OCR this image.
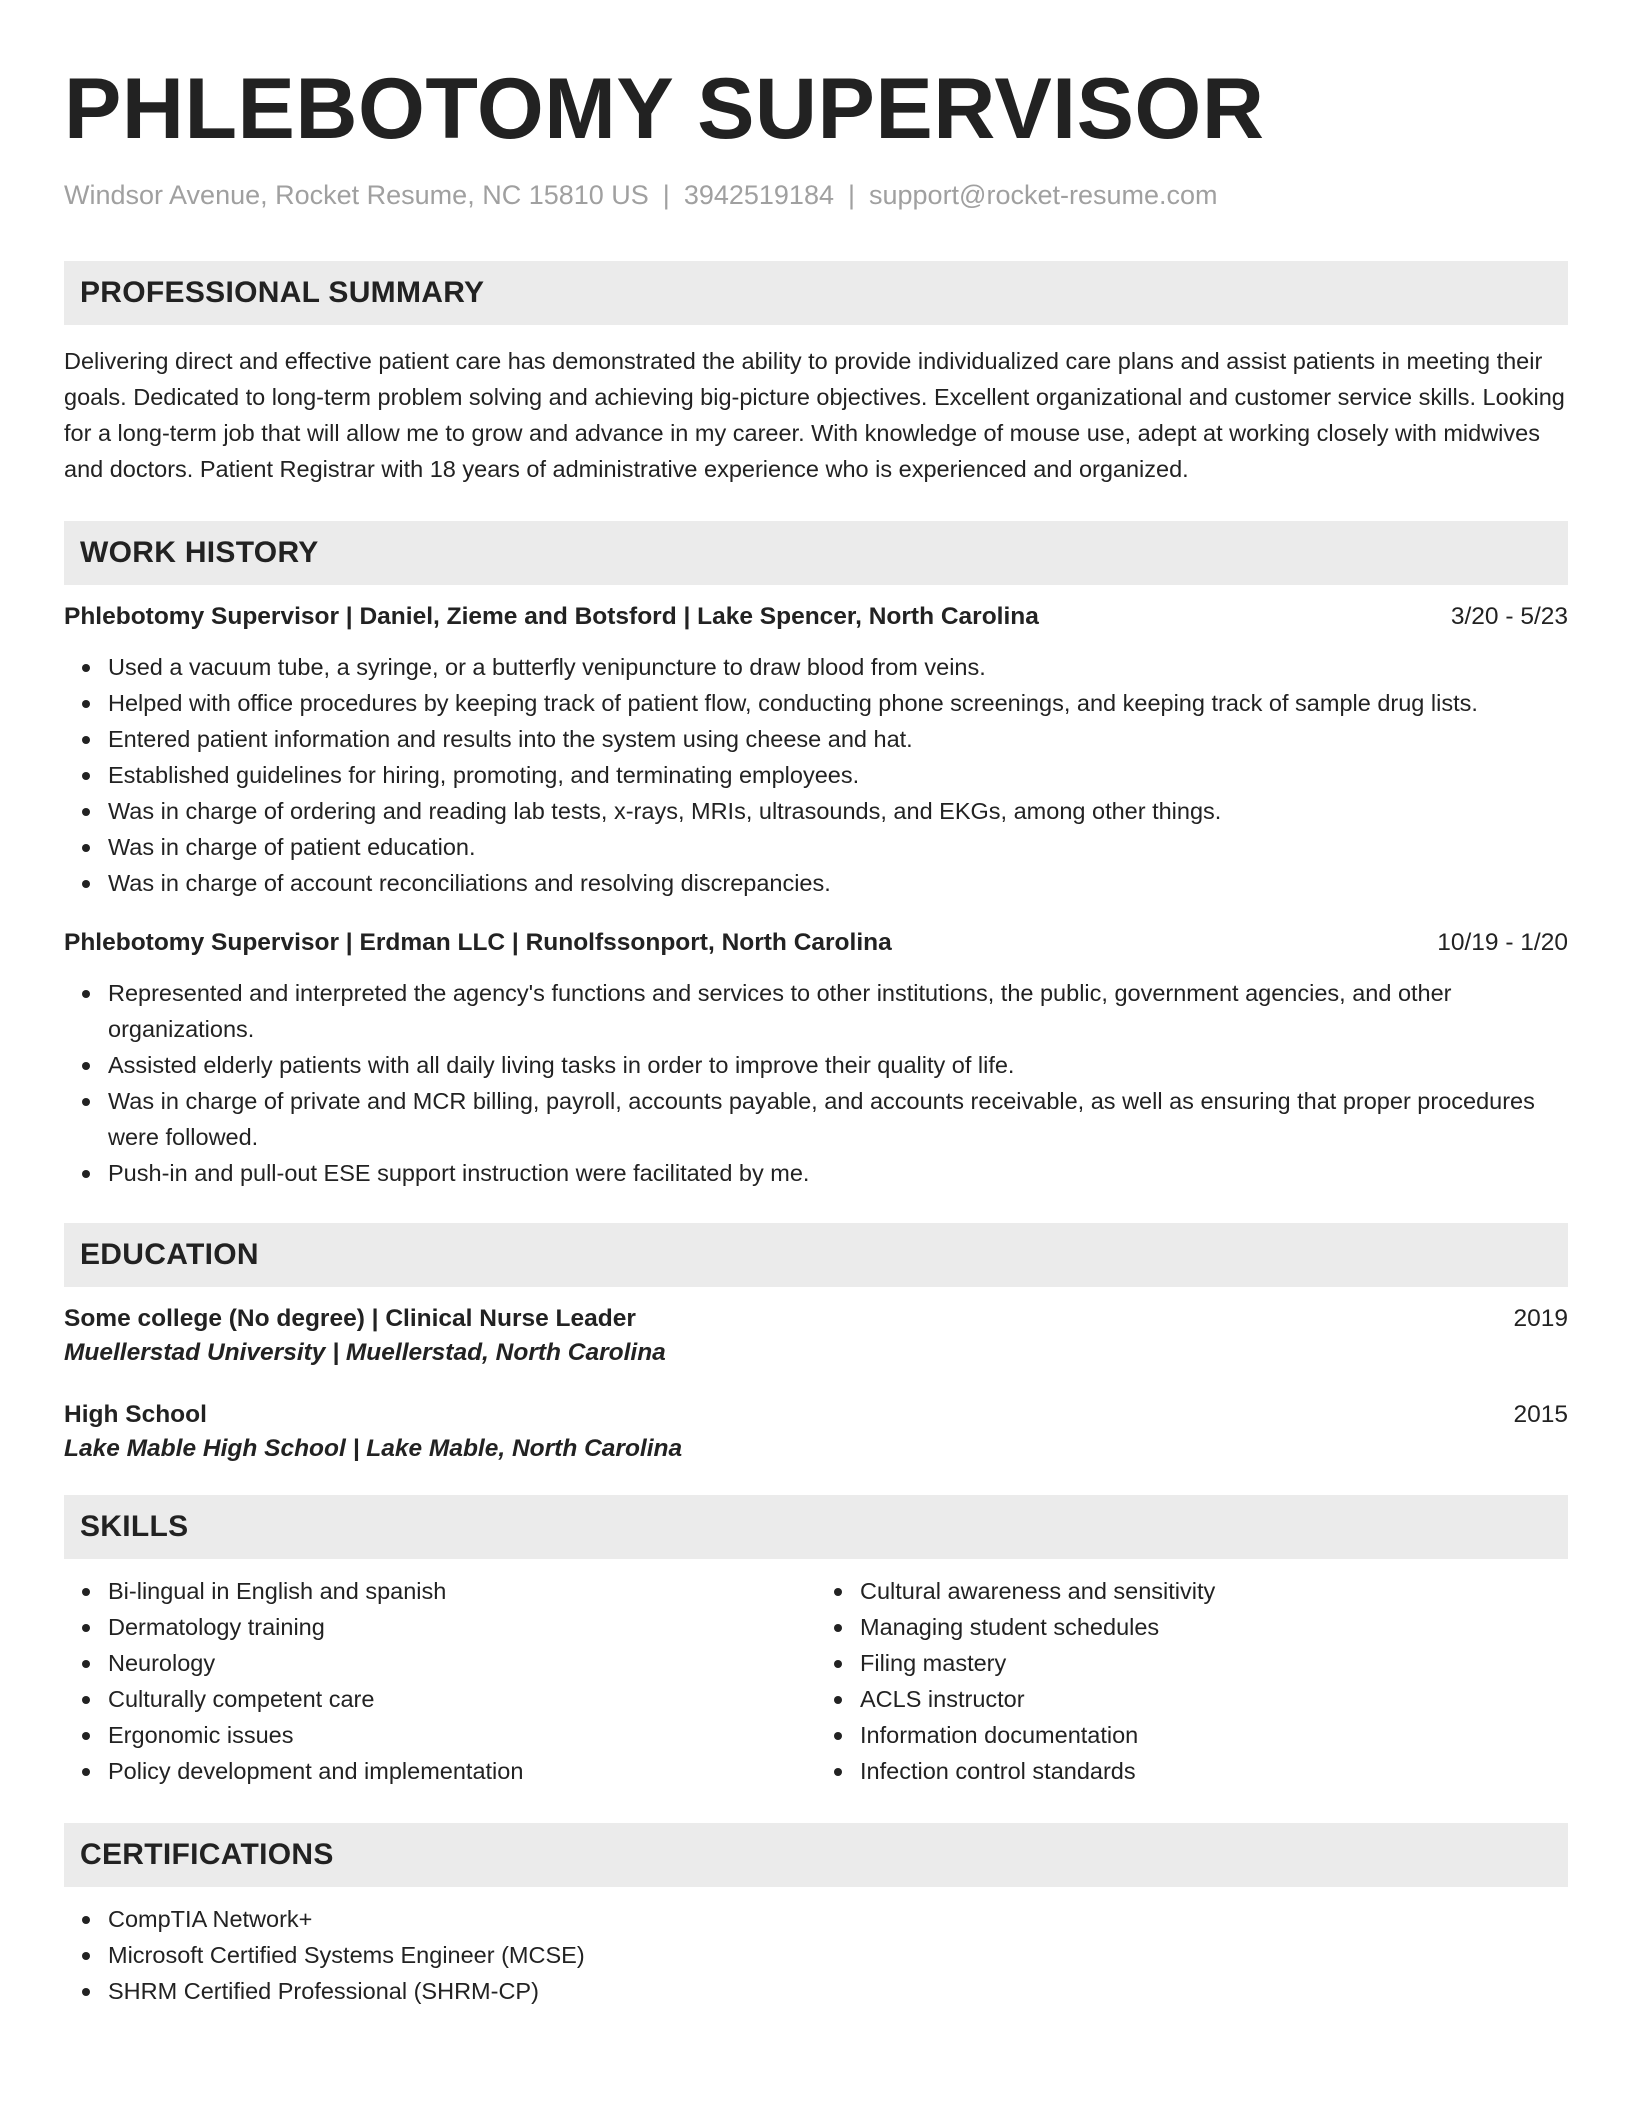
PHLEBOTOMY SUPERVISOR
Windsor Avenue, Rocket Resume, NC 15810 US | 3942519184 | support@rocket-resume.com
PROFESSIONAL SUMMARY

Delivering direct and effective patient care has demonstrated the ability to provide individualized care plans and assist patients in meeting their goals. Dedicated to long-term problem solving and achieving big-picture objectives. Excellent organizational and customer service skills. Looking for a long-term job that will allow me to grow and advance in my career. With knowledge of mouse use, adept at working closely with midwives and doctors. Patient Registrar with 18 years of administrative experience who is experienced and organized.

WORK HISTORY
Phlebotomy Supervisor | Daniel, Zieme and Botsford | Lake Spencer, North Carolina	3/20 - 5/23
Used a vacuum tube, a syringe, or a butterfly venipuncture to draw blood from veins.
Helped with office procedures by keeping track of patient flow, conducting phone screenings, and keeping track of sample drug lists.
Entered patient information and results into the system using cheese and hat.
Established guidelines for hiring, promoting, and terminating employees.
Was in charge of ordering and reading lab tests, x-rays, MRIs, ultrasounds, and EKGs, among other things.
Was in charge of patient education.
Was in charge of account reconciliations and resolving discrepancies.
Phlebotomy Supervisor | Erdman LLC | Runolfssonport, North Carolina	10/19 - 1/20
Represented and interpreted the agency's functions and services to other institutions, the public, government agencies, and other organizations.
Assisted elderly patients with all daily living tasks in order to improve their quality of life.
Was in charge of private and MCR billing, payroll, accounts payable, and accounts receivable, as well as ensuring that proper procedures were followed.
Push-in and pull-out ESE support instruction were facilitated by me.
EDUCATION
Some college (No degree) | Clinical Nurse Leader	2019
Muellerstad University | Muellerstad, North Carolina
High School	2015
Lake Mable High School | Lake Mable, North Carolina
SKILLS
Bi-lingual in English and spanish
Dermatology training
Neurology
Culturally competent care
Ergonomic issues
Policy development and implementation
Cultural awareness and sensitivity
Managing student schedules
Filing mastery
ACLS instructor
Information documentation
Infection control standards
CERTIFICATIONS
CompTIA Network+
Microsoft Certified Systems Engineer (MCSE)
SHRM Certified Professional (SHRM-CP)
